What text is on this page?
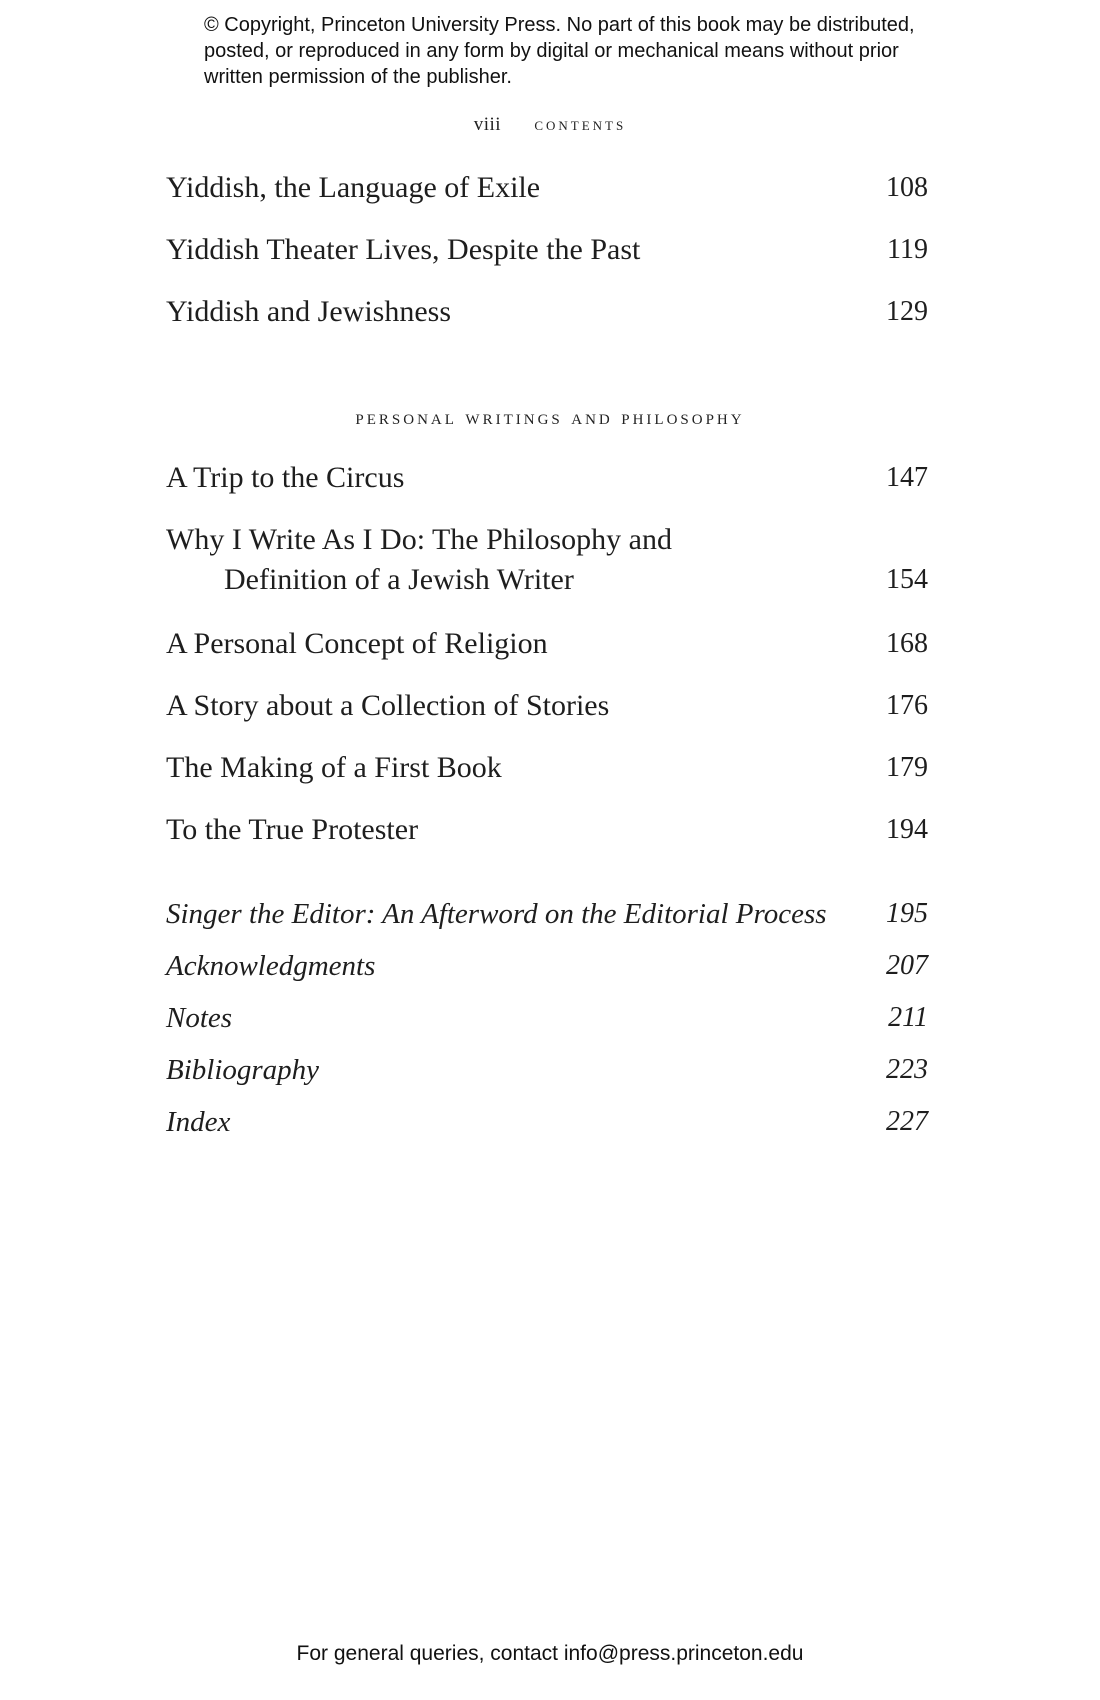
© Copyright, Princeton University Press. No part of this book may be distributed, posted, or reproduced in any form by digital or mechanical means without prior written permission of the publisher.
viii contents
Yiddish, the Language of Exile	108
Yiddish Theater Lives, Despite the Past	119
Yiddish and Jewishness	129
personal writings and philosophy
A Trip to the Circus	147
Why I Write As I Do: The Philosophy and
Definition of a Jewish Writer	154
A Personal Concept of Religion	168
A Story about a Collection of Stories	176
The Making of a First Book	179
To the True Protester	194
Singer the Editor: An Afterword on the Editorial Process	195
Acknowledgments	207
Notes	211
Bibliography	223
Index	227
For general queries, contact info@press.princeton.edu
